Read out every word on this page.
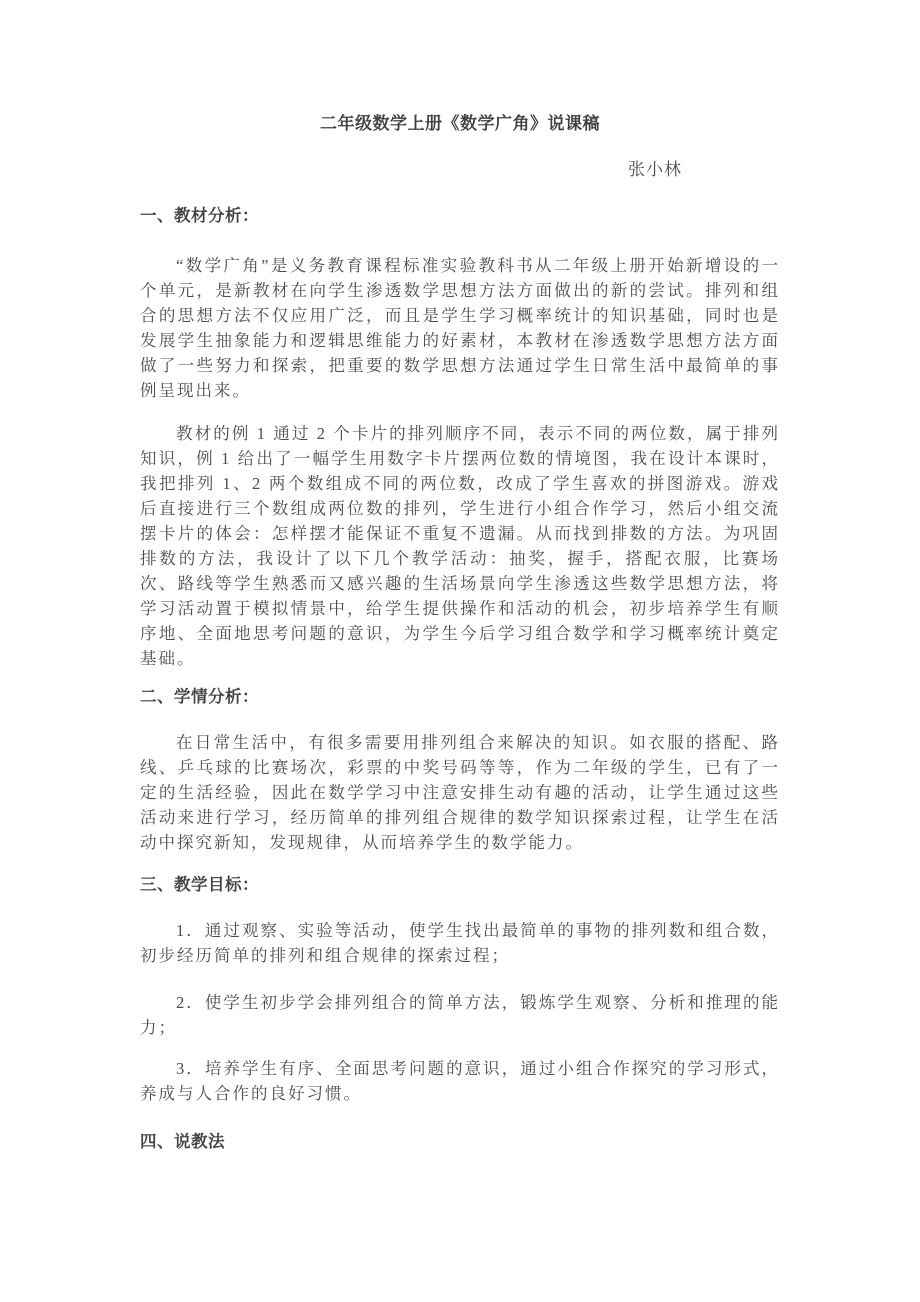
二年级数学上册《数学广角》说课稿
张小林
一、教材分析：

“数学广角”是义务教育课程标准实验教科书从二年级上册开始新增设的一个单元，是新教材在向学生渗透数学思想方法方面做出的新的尝试。排列和组合的思想方法不仅应用广泛，而且是学生学习概率统计的知识基础，同时也是发展学生抽象能力和逻辑思维能力的好素材，本教材在渗透数学思想方法方面做了一些努力和探索，把重要的数学思想方法通过学生日常生活中最简单的事例呈现出来。

教材的例 1 通过 2 个卡片的排列顺序不同，表示不同的两位数，属于排列知识，例 1 给出了一幅学生用数字卡片摆两位数的情境图，我在设计本课时，我把排列 1、2 两个数组成不同的两位数，改成了学生喜欢的拼图游戏。游戏后直接进行三个数组成两位数的排列，学生进行小组合作学习，然后小组交流摆卡片的体会：怎样摆才能保证不重复不遗漏。从而找到排数的方法。为巩固排数的方法，我设计了以下几个教学活动：抽奖，握手，搭配衣服，比赛场次、路线等学生熟悉而又感兴趣的生活场景向学生渗透这些数学思想方法，将学习活动置于模拟情景中，给学生提供操作和活动的机会，初步培养学生有顺序地、全面地思考问题的意识，为学生今后学习组合数学和学习概率统计奠定基础。

二、学情分析：

在日常生活中，有很多需要用排列组合来解决的知识。如衣服的搭配、路线、乒乓球的比赛场次，彩票的中奖号码等等，作为二年级的学生，已有了一定的生活经验，因此在数学学习中注意安排生动有趣的活动，让学生通过这些活动来进行学习，经历简单的排列组合规律的数学知识探索过程，让学生在活动中探究新知，发现规律，从而培养学生的数学能力。

三、教学目标：

1．通过观察、实验等活动，使学生找出最简单的事物的排列数和组合数，初步经历简单的排列和组合规律的探索过程；

2．使学生初步学会排列组合的简单方法，锻炼学生观察、分析和推理的能力；

3．培养学生有序、全面思考问题的意识，通过小组合作探究的学习形式，养成与人合作的良好习惯。

四、说教法
